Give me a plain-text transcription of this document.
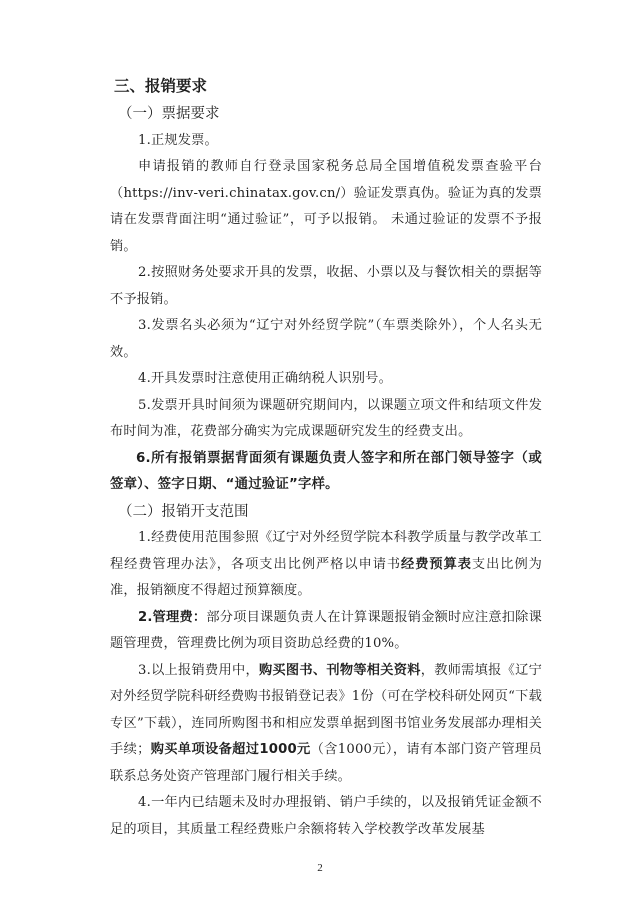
三、报销要求
（一）票据要求

1.正规发票。

申请报销的教师自行登录国家税务总局全国增值税发票查验平台（https://inv-veri.chinatax.gov.cn/）验证发票真伪。验证为真的发票请在发票背面注明“通过验证”，可予以报销。 未通过验证的发票不予报销。

2.按照财务处要求开具的发票，收据、小票以及与餐饮相关的票据等不予报销。

3.发票名头必须为“辽宁对外经贸学院”（车票类除外），个人名头无效。

4.开具发票时注意使用正确纳税人识别号。

5.发票开具时间须为课题研究期间内，以课题立项文件和结项文件发布时间为准，花费部分确实为完成课题研究发生的经费支出。

6.所有报销票据背面须有课题负责人签字和所在部门领导签字（或签章）、签字日期、“通过验证”字样。

（二）报销开支范围

1.经费使用范围参照《辽宁对外经贸学院本科教学质量与教学改革工程经费管理办法》，各项支出比例严格以申请书经费预算表支出比例为准，报销额度不得超过预算额度。

2.管理费：部分项目课题负责人在计算课题报销金额时应注意扣除课题管理费，管理费比例为项目资助总经费的10%。

3.以上报销费用中，购买图书、刊物等相关资料，教师需填报《辽宁对外经贸学院科研经费购书报销登记表》1份（可在学校科研处网页“下载专区”下载），连同所购图书和相应发票单据到图书馆业务发展部办理相关手续；购买单项设备超过1000元（含1000元），请有本部门资产管理员联系总务处资产管理部门履行相关手续。

4.一年内已结题未及时办理报销、销户手续的，以及报销凭证金额不足的项目，其质量工程经费账户余额将转入学校教学改革发展基

2
